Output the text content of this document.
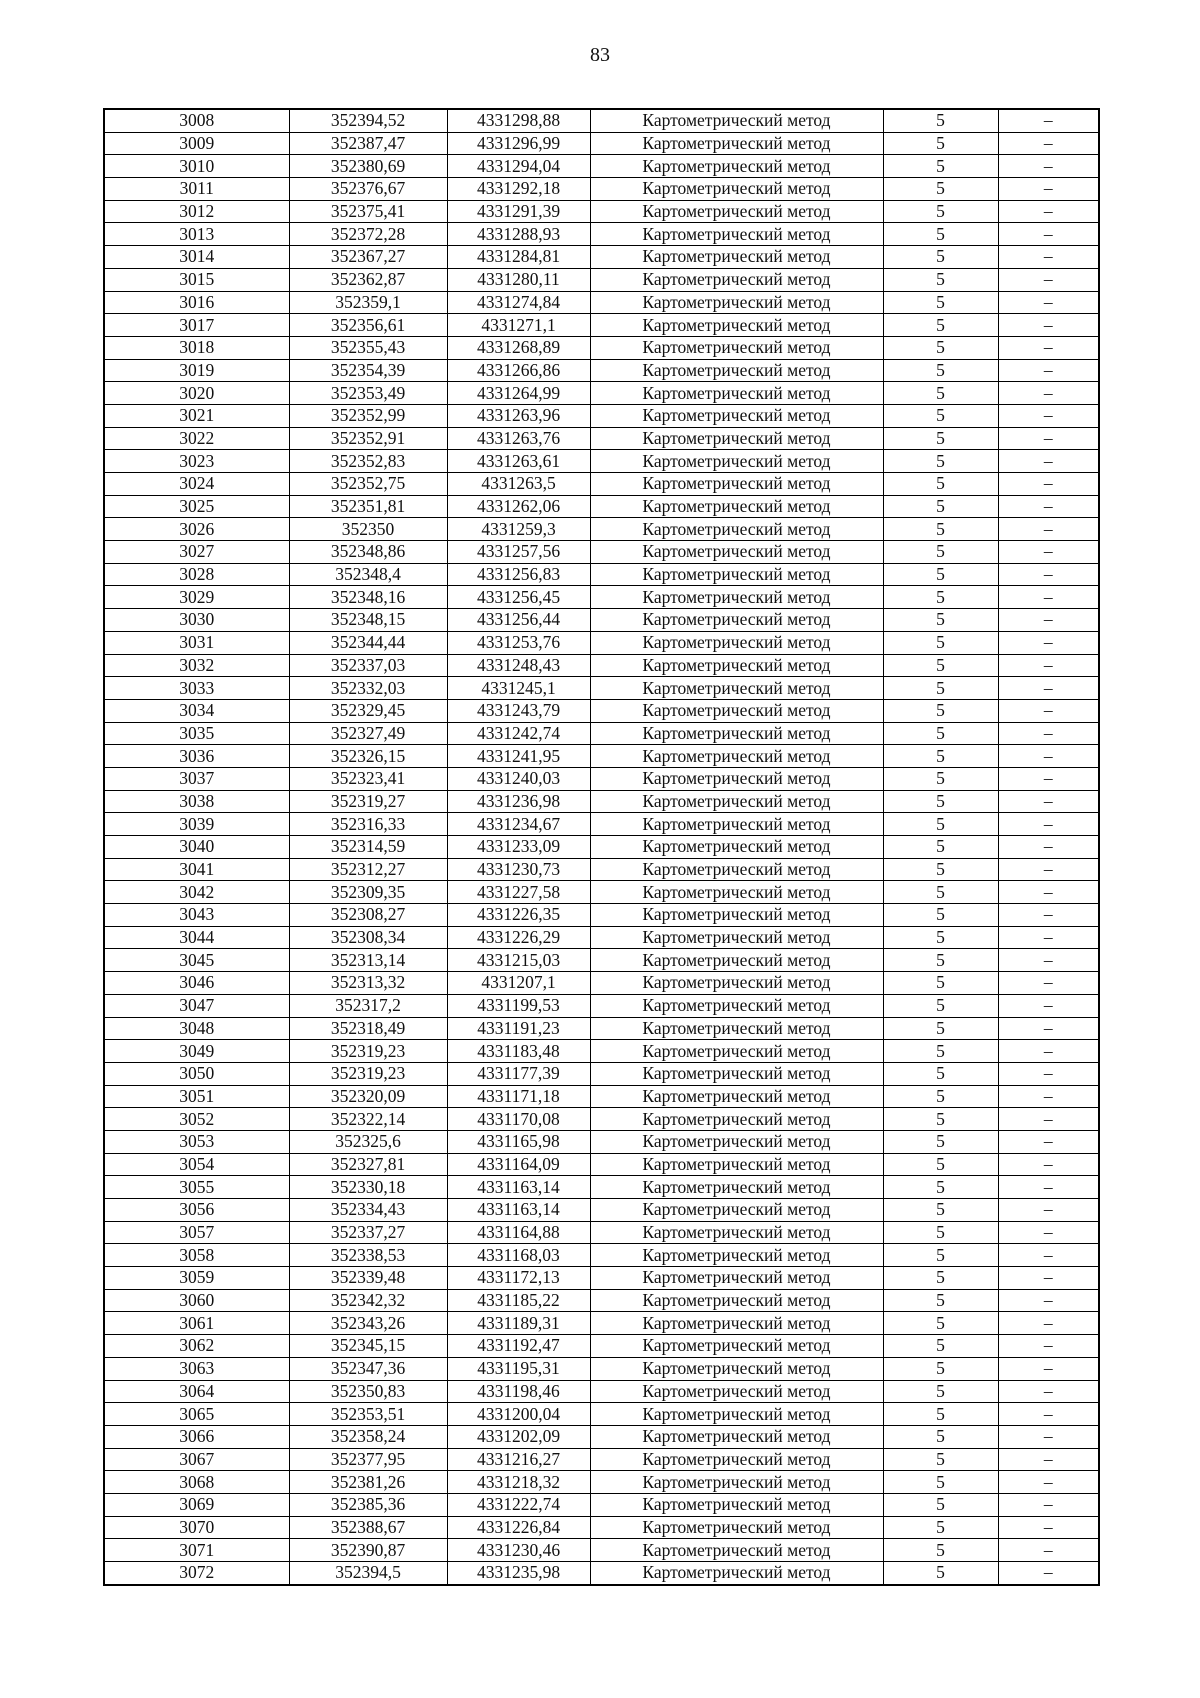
83
3008	352394,52	4331298,88	Картометрический метод	5	–
3009	352387,47	4331296,99	Картометрический метод	5	–
3010	352380,69	4331294,04	Картометрический метод	5	–
3011	352376,67	4331292,18	Картометрический метод	5	–
3012	352375,41	4331291,39	Картометрический метод	5	–
3013	352372,28	4331288,93	Картометрический метод	5	–
3014	352367,27	4331284,81	Картометрический метод	5	–
3015	352362,87	4331280,11	Картометрический метод	5	–
3016	352359,1	4331274,84	Картометрический метод	5	–
3017	352356,61	4331271,1	Картометрический метод	5	–
3018	352355,43	4331268,89	Картометрический метод	5	–
3019	352354,39	4331266,86	Картометрический метод	5	–
3020	352353,49	4331264,99	Картометрический метод	5	–
3021	352352,99	4331263,96	Картометрический метод	5	–
3022	352352,91	4331263,76	Картометрический метод	5	–
3023	352352,83	4331263,61	Картометрический метод	5	–
3024	352352,75	4331263,5	Картометрический метод	5	–
3025	352351,81	4331262,06	Картометрический метод	5	–
3026	352350	4331259,3	Картометрический метод	5	–
3027	352348,86	4331257,56	Картометрический метод	5	–
3028	352348,4	4331256,83	Картометрический метод	5	–
3029	352348,16	4331256,45	Картометрический метод	5	–
3030	352348,15	4331256,44	Картометрический метод	5	–
3031	352344,44	4331253,76	Картометрический метод	5	–
3032	352337,03	4331248,43	Картометрический метод	5	–
3033	352332,03	4331245,1	Картометрический метод	5	–
3034	352329,45	4331243,79	Картометрический метод	5	–
3035	352327,49	4331242,74	Картометрический метод	5	–
3036	352326,15	4331241,95	Картометрический метод	5	–
3037	352323,41	4331240,03	Картометрический метод	5	–
3038	352319,27	4331236,98	Картометрический метод	5	–
3039	352316,33	4331234,67	Картометрический метод	5	–
3040	352314,59	4331233,09	Картометрический метод	5	–
3041	352312,27	4331230,73	Картометрический метод	5	–
3042	352309,35	4331227,58	Картометрический метод	5	–
3043	352308,27	4331226,35	Картометрический метод	5	–
3044	352308,34	4331226,29	Картометрический метод	5	–
3045	352313,14	4331215,03	Картометрический метод	5	–
3046	352313,32	4331207,1	Картометрический метод	5	–
3047	352317,2	4331199,53	Картометрический метод	5	–
3048	352318,49	4331191,23	Картометрический метод	5	–
3049	352319,23	4331183,48	Картометрический метод	5	–
3050	352319,23	4331177,39	Картометрический метод	5	–
3051	352320,09	4331171,18	Картометрический метод	5	–
3052	352322,14	4331170,08	Картометрический метод	5	–
3053	352325,6	4331165,98	Картометрический метод	5	–
3054	352327,81	4331164,09	Картометрический метод	5	–
3055	352330,18	4331163,14	Картометрический метод	5	–
3056	352334,43	4331163,14	Картометрический метод	5	–
3057	352337,27	4331164,88	Картометрический метод	5	–
3058	352338,53	4331168,03	Картометрический метод	5	–
3059	352339,48	4331172,13	Картометрический метод	5	–
3060	352342,32	4331185,22	Картометрический метод	5	–
3061	352343,26	4331189,31	Картометрический метод	5	–
3062	352345,15	4331192,47	Картометрический метод	5	–
3063	352347,36	4331195,31	Картометрический метод	5	–
3064	352350,83	4331198,46	Картометрический метод	5	–
3065	352353,51	4331200,04	Картометрический метод	5	–
3066	352358,24	4331202,09	Картометрический метод	5	–
3067	352377,95	4331216,27	Картометрический метод	5	–
3068	352381,26	4331218,32	Картометрический метод	5	–
3069	352385,36	4331222,74	Картометрический метод	5	–
3070	352388,67	4331226,84	Картометрический метод	5	–
3071	352390,87	4331230,46	Картометрический метод	5	–
3072	352394,5	4331235,98	Картометрический метод	5	–
